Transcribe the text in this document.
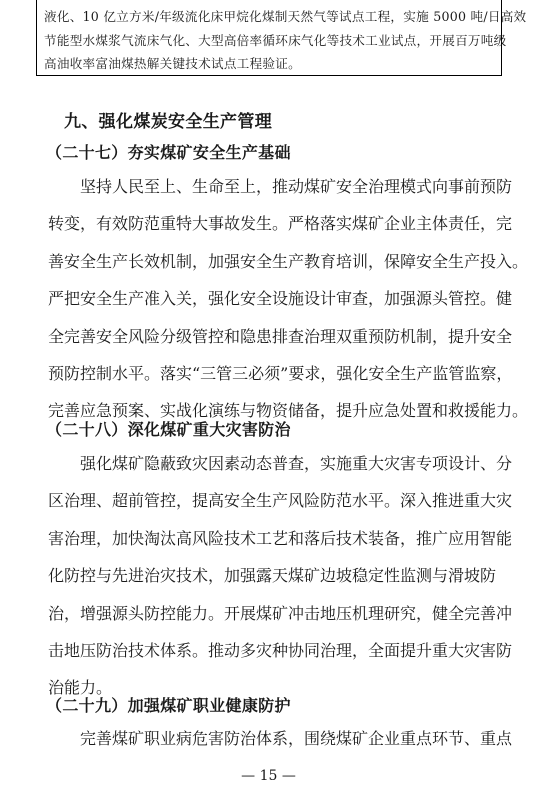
液化、10 亿立方米/年级流化床甲烷化煤制天然气等试点工程，实施 5000 吨/日高效

节能型水煤浆气流床气化、大型高倍率循环床气化等技术工业试点，开展百万吨级

高油收率富油煤热解关键技术试点工程验证。

九、强化煤炭安全生产管理
（二十七）夯实煤矿安全生产基础
坚持人民至上、生命至上，推动煤矿安全治理模式向事前预防
转变，有效防范重特大事故发生。严格落实煤矿企业主体责任，完
善安全生产长效机制，加强安全生产教育培训，保障安全生产投入。
严把安全生产准入关，强化安全设施设计审查，加强源头管控。健
全完善安全风险分级管控和隐患排查治理双重预防机制，提升安全
预防控制水平。落实“三管三必须”要求，强化安全生产监管监察，
完善应急预案、实战化演练与物资储备，提升应急处置和救援能力。
（二十八）深化煤矿重大灾害防治
强化煤矿隐蔽致灾因素动态普查，实施重大灾害专项设计、分
区治理、超前管控，提高安全生产风险防范水平。深入推进重大灾
害治理，加快淘汰高风险技术工艺和落后技术装备，推广应用智能
化防控与先进治灾技术，加强露天煤矿边坡稳定性监测与滑坡防
治，增强源头防控能力。开展煤矿冲击地压机理研究，健全完善冲
击地压防治技术体系。推动多灾种协同治理，全面提升重大灾害防
治能力。
（二十九）加强煤矿职业健康防护
完善煤矿职业病危害防治体系，围绕煤矿企业重点环节、重点

— 15 —
